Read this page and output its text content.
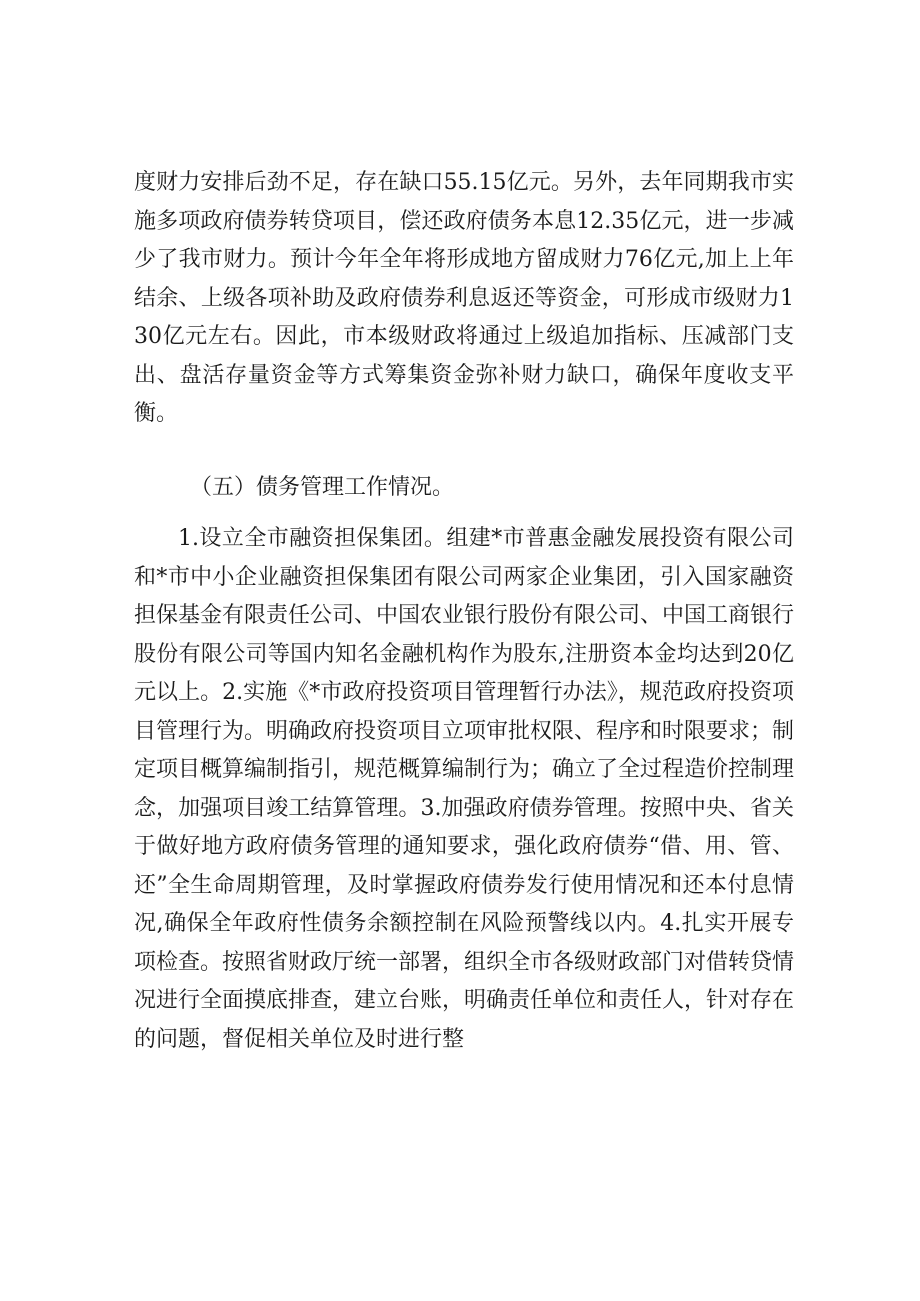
度财力安排后劲不足，存在缺口55.15亿元。另外，去年同期我市实施多项政府债券转贷项目，偿还政府债务本息12.35亿元，进一步减少了我市财力。预计今年全年将形成地方留成财力76亿元,加上上年结余、上级各项补助及政府债券利息返还等资金，可形成市级财力130亿元左右。因此，市本级财政将通过上级追加指标、压减部门支出、盘活存量资金等方式筹集资金弥补财力缺口，确保年度收支平衡。

（五）债务管理工作情况。

1.设立全市融资担保集团。组建*市普惠金融发展投资有限公司和*市中小企业融资担保集团有限公司两家企业集团，引入国家融资担保基金有限责任公司、中国农业银行股份有限公司、中国工商银行股份有限公司等国内知名金融机构作为股东,注册资本金均达到20亿元以上。2.实施《*市政府投资项目管理暂行办法》，规范政府投资项目管理行为。明确政府投资项目立项审批权限、程序和时限要求；制定项目概算编制指引，规范概算编制行为；确立了全过程造价控制理念，加强项目竣工结算管理。3.加强政府债券管理。按照中央、省关于做好地方政府债务管理的通知要求，强化政府债券“借、用、管、还”全生命周期管理，及时掌握政府债券发行使用情况和还本付息情况,确保全年政府性债务余额控制在风险预警线以内。4.扎实开展专项检查。按照省财政厅统一部署，组织全市各级财政部门对借转贷情况进行全面摸底排查，建立台账，明确责任单位和责任人，针对存在的问题，督促相关单位及时进行整
